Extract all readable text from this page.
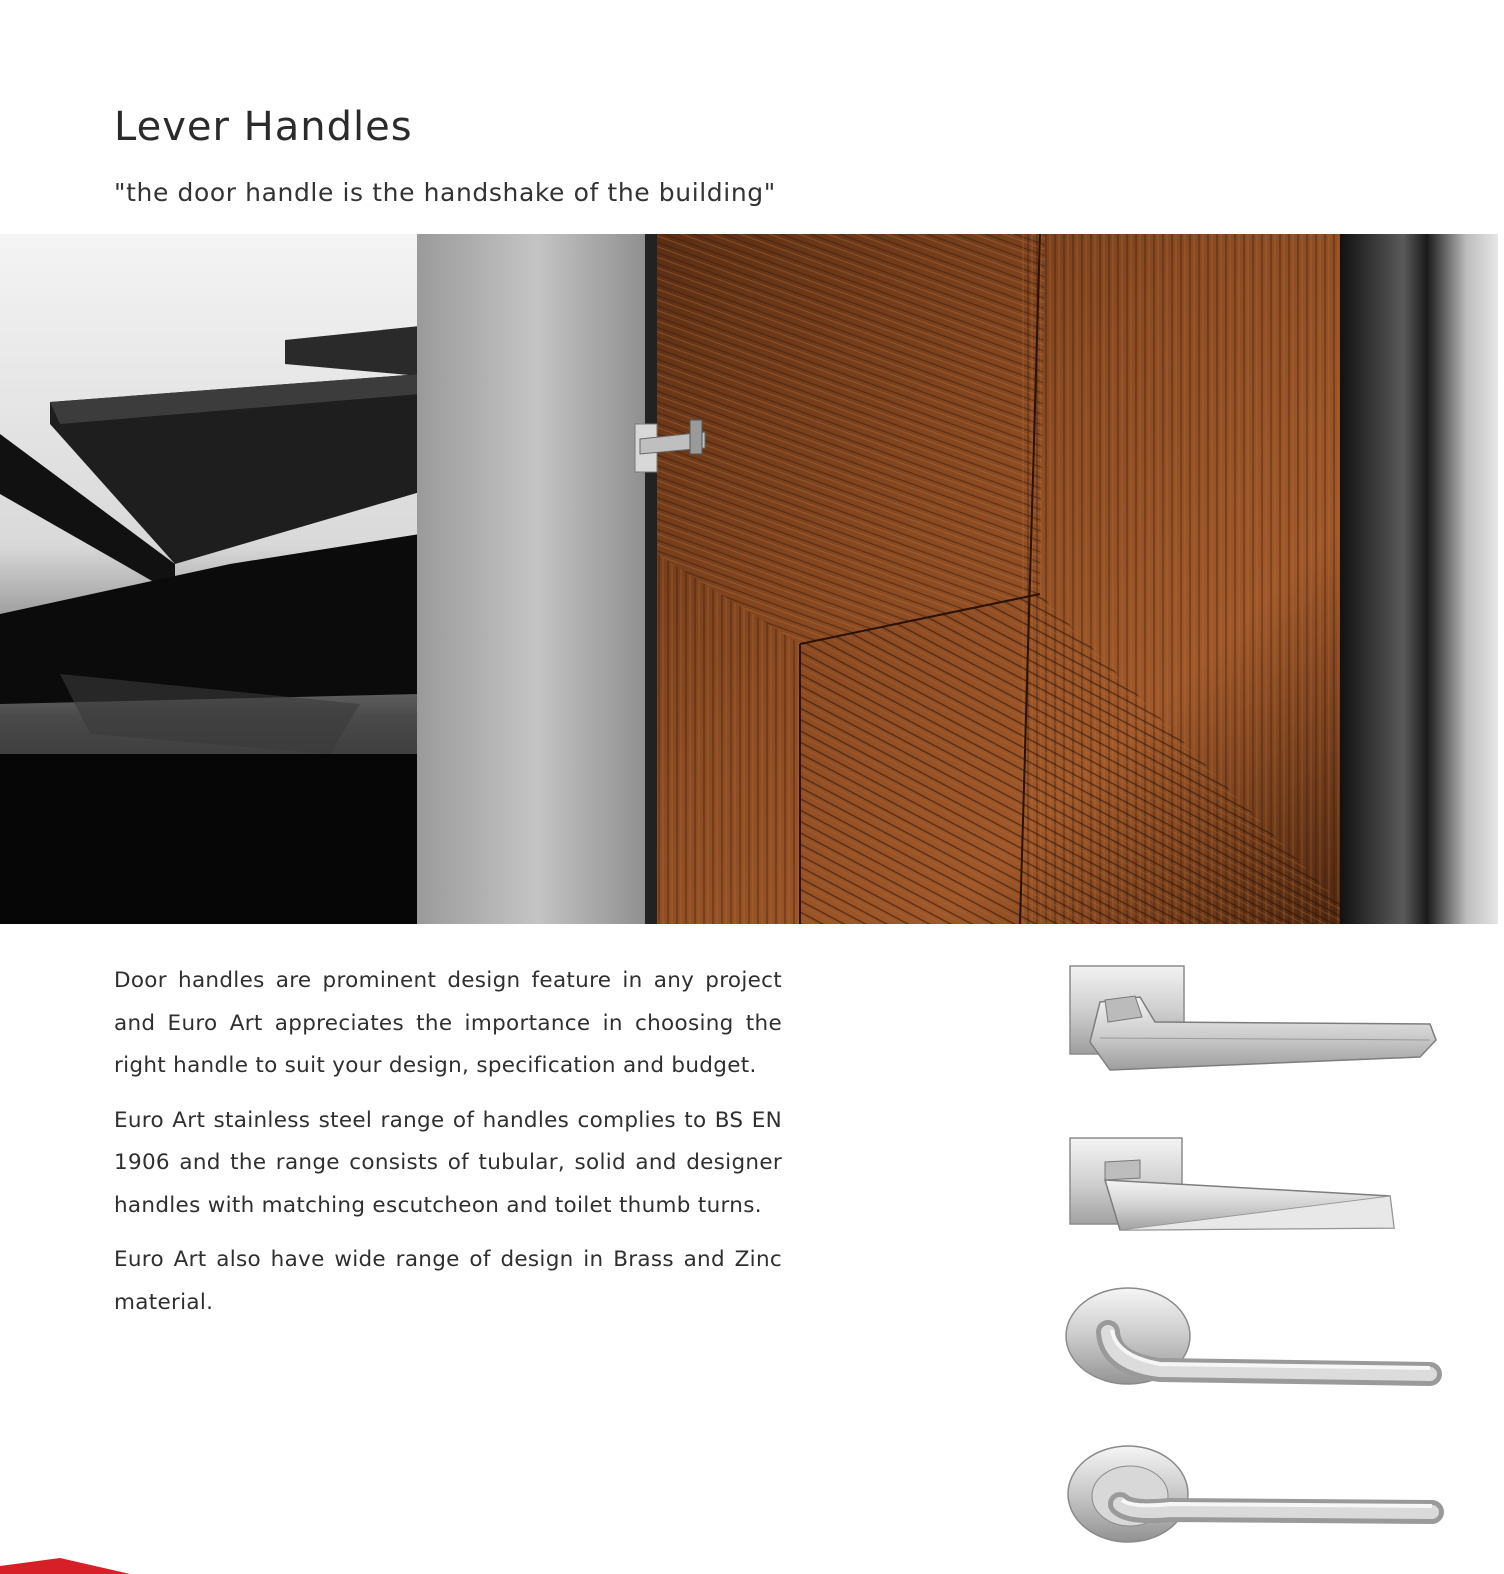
Lever Handles

"the door handle is the handshake of the building"

Door handles are prominent design feature in any project and Euro Art appreciates the importance in choosing the right handle to suit your design, specification and budget.

Euro Art stainless steel range of handles complies to BS EN 1906 and the range consists of tubular, solid and designer handles with matching escutcheon and toilet thumb turns.

Euro Art also have wide range of design in Brass and Zinc material.
